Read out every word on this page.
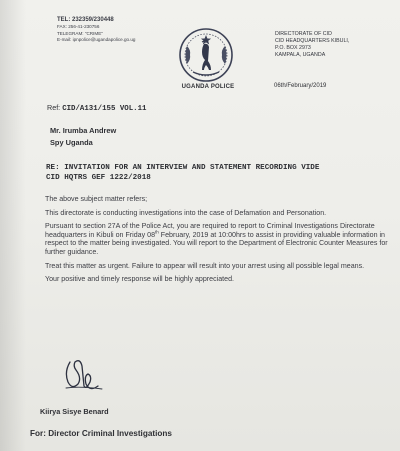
TEL: 232359/230448
FAX: 256-41-230756
TELEGRAM: "CRIME"
E-mail: ipnpolice@ugandapolice.go.ug
UGANDA POLICE
DIRECTORATE OF CID
CID HEADQUARTERS KIBULI,
P.O. BOX 2973
KAMPALA, UGANDA
06th/February/2019
Ref: CID/A131/155 VOL.11
Mr. Irumba Andrew
Spy Uganda
RE: INVITATION FOR AN INTERVIEW AND STATEMENT RECORDING VIDE
CID HQTRS GEF 1222/2018

The above subject matter refers;

This directorate is conducting investigations into the case of Defamation and Personation.

Pursuant to section 27A of the Police Act, you are required to report to Criminal Investigations Directorate headquarters in Kibuli on Friday 08th February, 2019 at 10:00hrs to assist in providing valuable information in respect to the matter being investigated. You will report to the Department of Electronic Counter Measures for further guidance.

Treat this matter as urgent. Failure to appear will result into your arrest using all possible legal means.

Your positive and timely response will be highly appreciated.

Kiirya Sisye Benard
For: Director Criminal Investigations
